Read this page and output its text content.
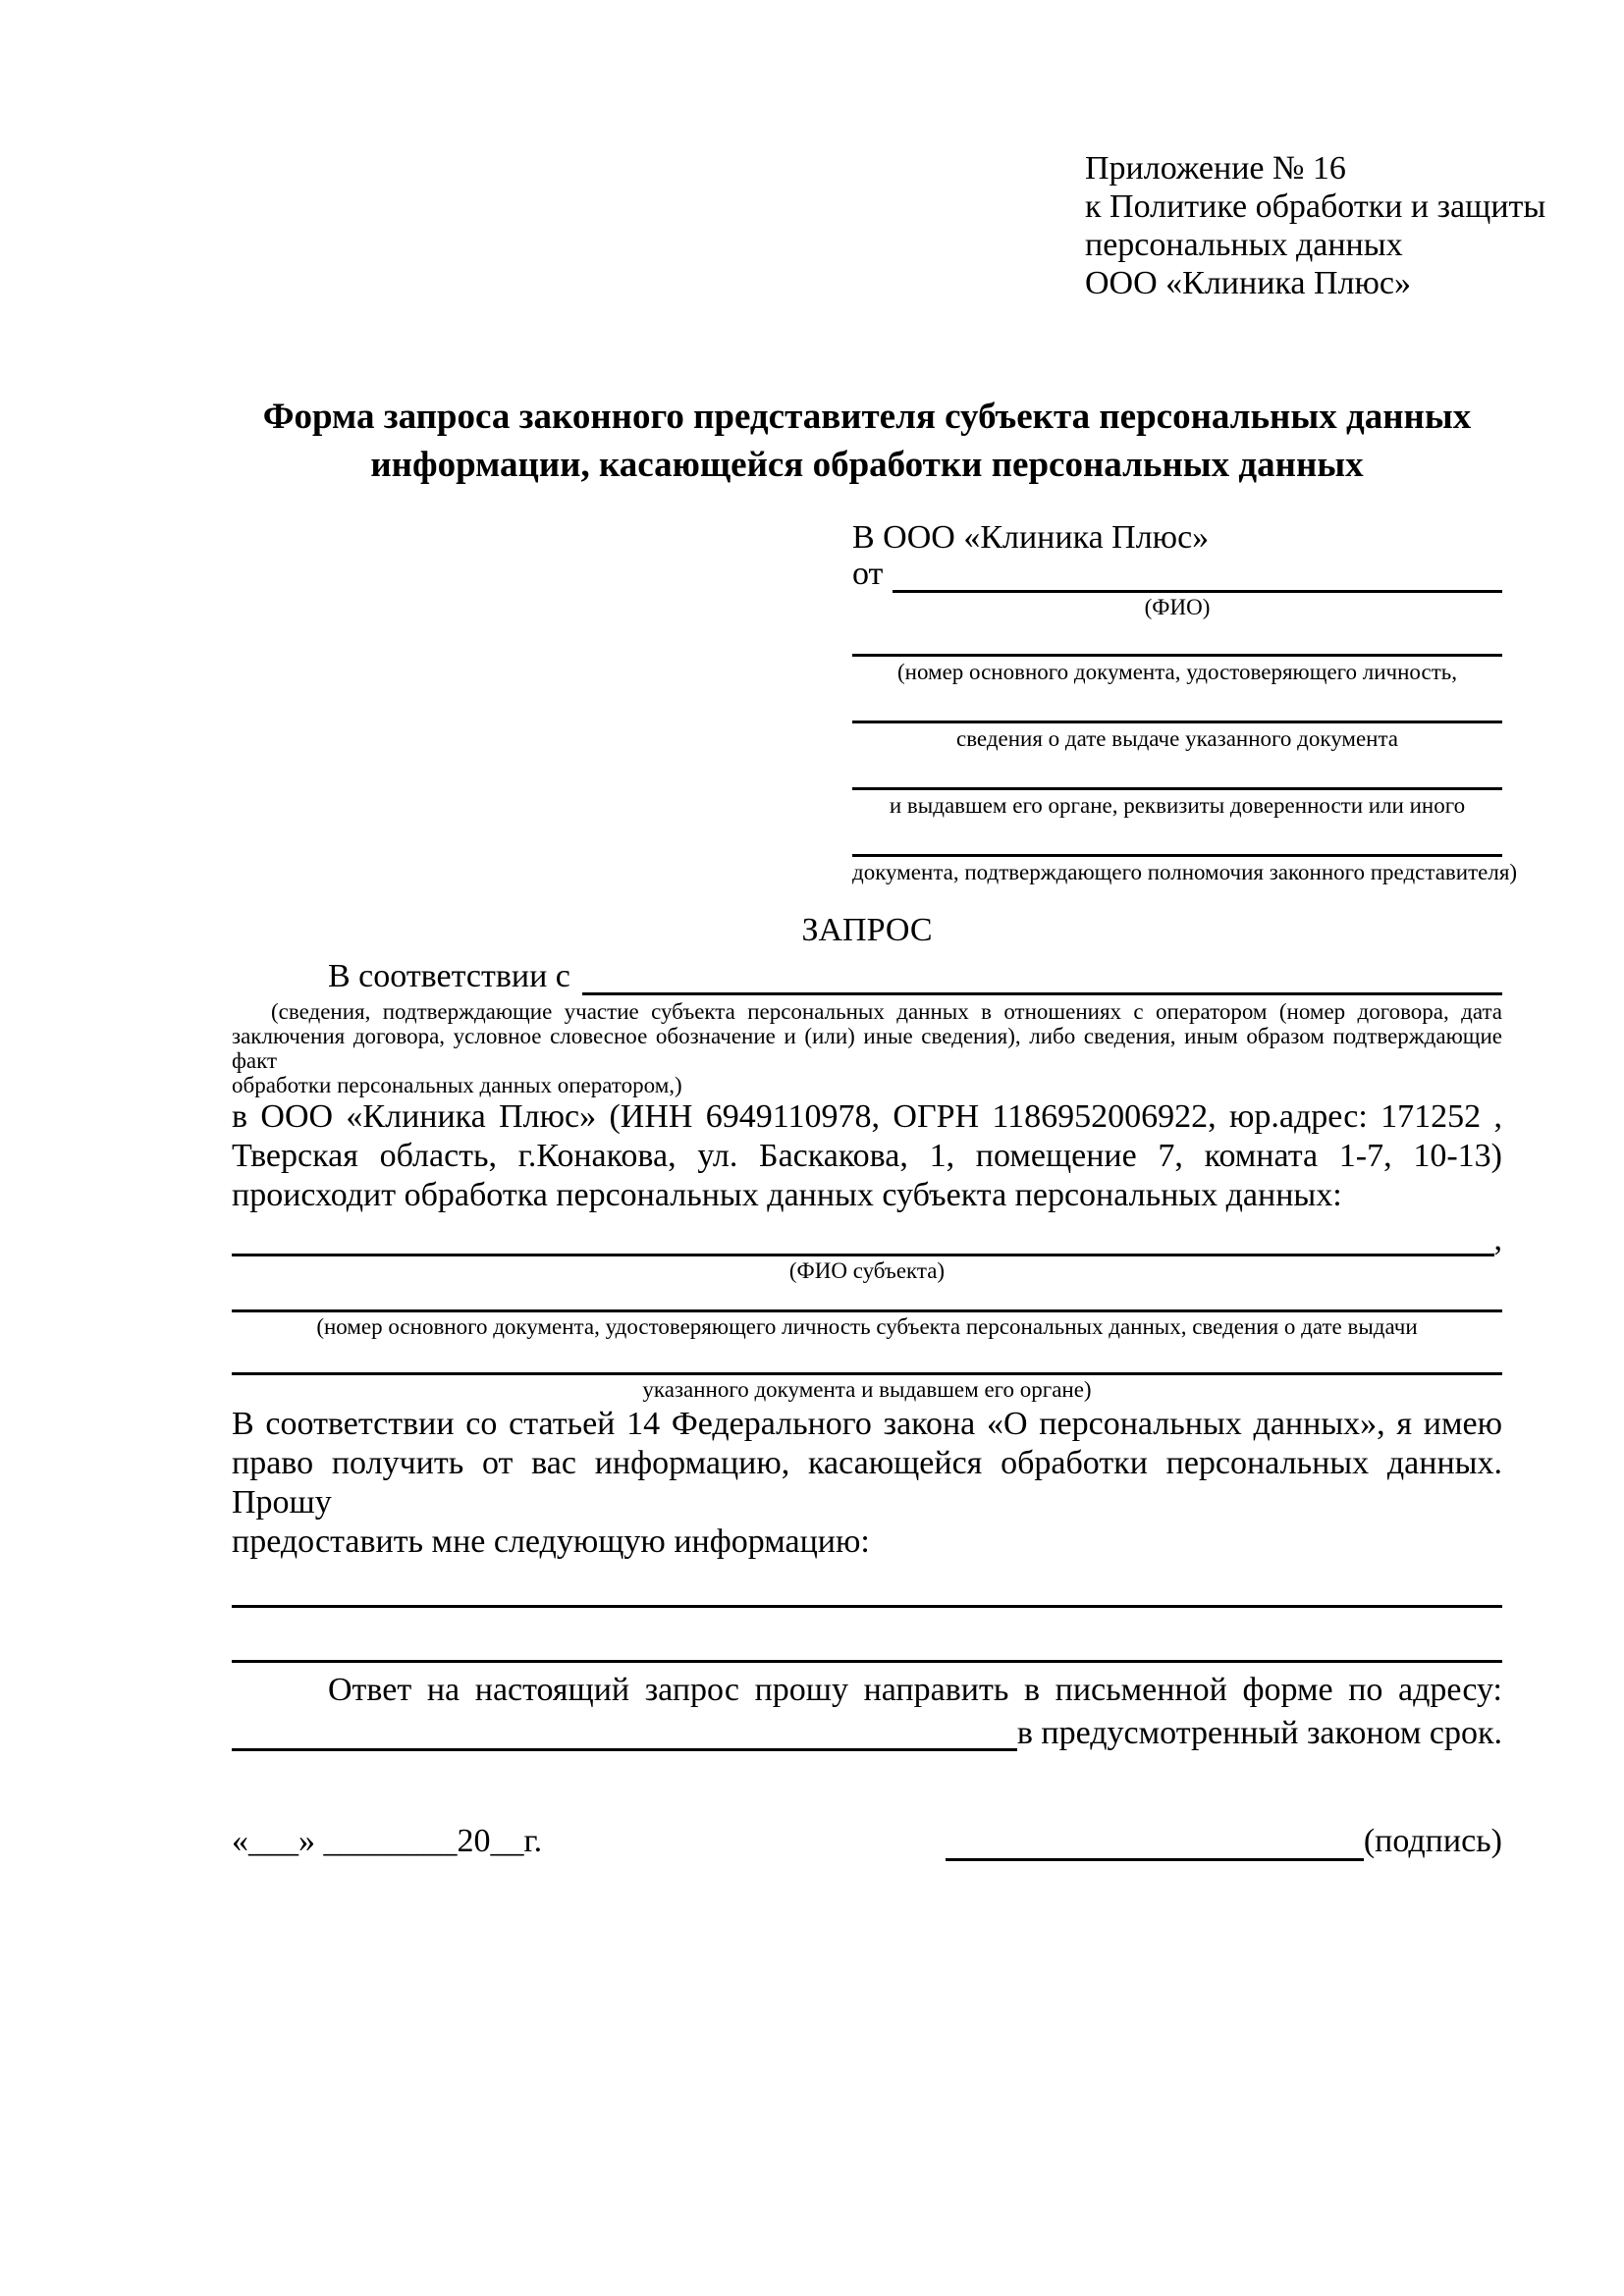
Приложение № 16
к Политике обработки и защиты
персональных данных
ООО «Клиника Плюс»
Форма запроса законного представителя субъекта персональных данных информации, касающейся обработки персональных данных
В ООО «Клиника Плюс»
от
(ФИО)
(номер основного документа, удостоверяющего личность,
сведения о дате выдаче указанного документа
и выдавшем его органе, реквизиты доверенности или иного
документа, подтверждающего полномочия законного представителя)
ЗАПРОС
В соответствии с
(сведения, подтверждающие участие субъекта персональных данных в отношениях с оператором (номер договора, дата
заключения договора, условное словесное обозначение и (или) иные сведения), либо сведения, иным образом подтверждающие факт
обработки персональных данных оператором,)
в ООО «Клиника Плюс» (ИНН 6949110978, ОГРН 1186952006922, юр.адрес: 171252 ,
Тверская область, г.Конакова, ул. Баскакова, 1, помещение 7, комната 1-7, 10-13)
происходит обработка персональных данных субъекта персональных данных:
,
(ФИО субъекта)
(номер основного документа, удостоверяющего личность субъекта персональных данных, сведения о дате выдачи
указанного документа и выдавшем его органе)
В соответствии со статьей 14 Федерального закона «О персональных данных», я имею
право получить от вас информацию, касающейся обработки персональных данных. Прошу
предоставить мне следующую информацию:
Ответ на настоящий запрос прошу направить в письменной форме по адресу:
в предусмотренный законом срок.
«___» ________20__г.	(подпись)
